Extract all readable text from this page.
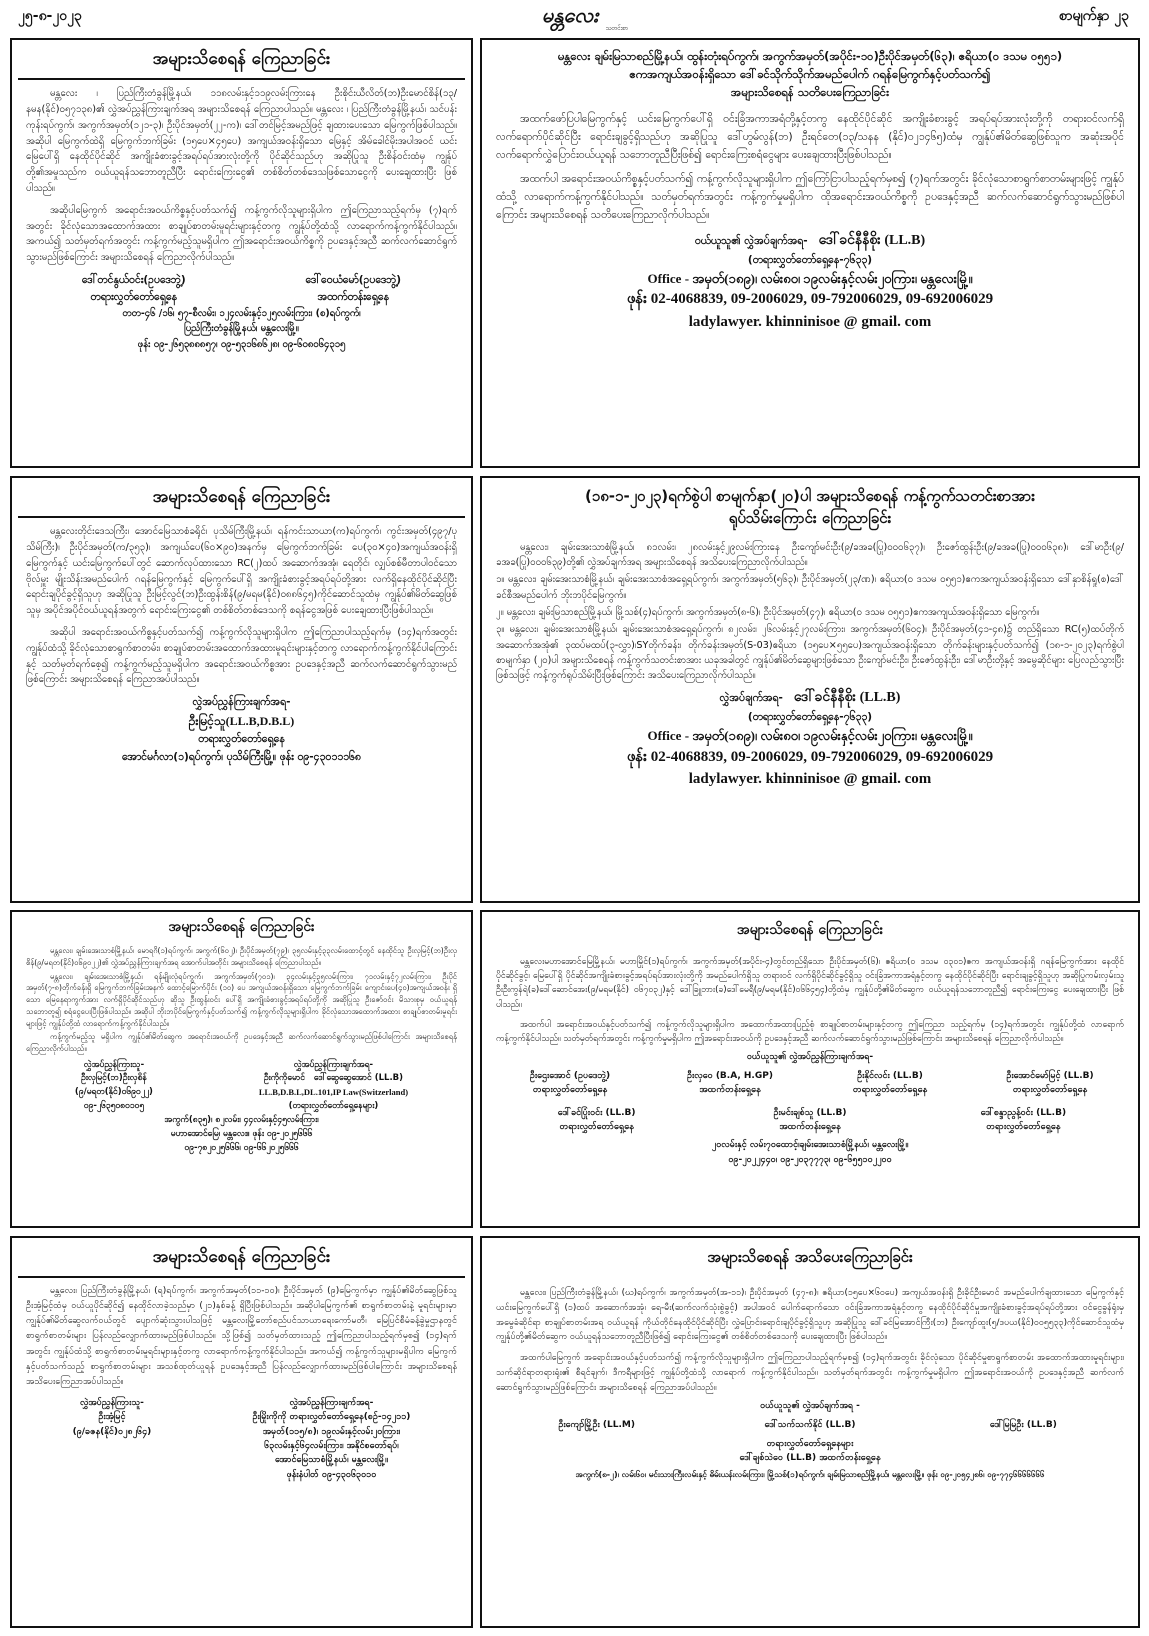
၂၅-၈-၂၀၂၃	မန္တလေး
သတင်းစာ
စာမျက်နှာ ၂၃
အများသိစေရန် ကြေညာခြင်း

မန္တလေး ၊ ပြည်ကြီးတံခွန်မြို့နယ်၊ ၁၁၈လမ်းနှင့်၁၁၉လမ်းကြားနေ ဦးစိုင်းယီလိတ်(ဘ)ဦးမောင်စိန်(၁၃/နမန(နိုင်)၀၅၇၁၃၈)၏ လွှဲအပ်ညွှန်ကြားချက်အရ အများသိစေရန် ကြေညာပါသည်။ မန္တလေး ၊ ပြည်ကြီးတံခွန်မြို့နယ်၊ သင်ပန်းကုန်းရပ်ကွက်၊ အကွက်အမှတ်(၁၂၁-၃)၊ ဦးပိုင်အမှတ်(၂၂-က)၊ ဒေါ်တင်မြင့်အမည်ဖြင့် ချထားပေးသော မြေကွက်ဖြစ်ပါသည်။ အဆိုပါ မြေကွက်ထဲရှိ မြေကွက်ဘက်ခြမ်း (၁၅ပေ×၄၅ပေ) အကျယ်အဝန်းရှိသော မြေနှင့် အိမ်ခေါင်မိုးအပါအဝင် ယင်းမြေပေါ်ရှိ နေထိုင်ပိုင်ဆိုင် အကျိုးခံစားခွင့်အရပ်ရပ်အားလုံးတို့ကို ပိုင်ဆိုင်သည်ဟု အဆိုပြုသူ ဦးစိန်ဝင်းထံမှ ကျွန်ုပ်တို့၏အမှုသည်က ဝယ်ယူရန်သဘောတူညီပြီး ရောင်းကြေးငွေ၏ တစ်စိတ်တစ်ဒေသဖြစ်သောငွေကို ပေးချေထားပြီး ဖြစ်ပါသည်။

အဆိုပါမြေကွက် အရောင်းအဝယ်ကိစ္စနှင့်ပတ်သက်၍ ကန့်ကွက်လိုသူများရှိပါက ဤကြေညာသည့်ရက်မှ (၇)ရက်အတွင်း ခိုင်လုံသောအထောက်အထား စာချုပ်စာတမ်းမူရင်းများနှင့်တကွ ကျွန်ုပ်တို့ထံသို့ လာရောက်ကန့်ကွက်နိုင်ပါသည်။ အကယ်၍ သတ်မှတ်ရက်အတွင်း ကန့်ကွက်မည့်သူမရှိပါက ဤအရောင်းအဝယ်ကိစ္စကို ဥပဒေနှင့်အညီ ဆက်လက်ဆောင်ရွက်သွားမည်ဖြစ်ကြောင်း အများသိစေရန် ကြေညာလိုက်ပါသည်။

ဒေါ်တင်နွယ်ဝင်း(ဥပဒေဘွဲ့)
တရားလွှတ်တော်ရှေ့နေ
ဒေါ်ဝေယံမော်(ဥပဒေဘွဲ့)
အထက်တန်းရှေ့နေ
တတ-၄၆ /၁၆၊ ၅၇-စီလမ်း၊ ၁၂၄လမ်းနှင့်၁၂၅လမ်းကြား၊ (စ)ရပ်ကွက်၊
ပြည်ကြီးတံခွန်မြို့နယ်၊ မန္တလေးမြို့။
ဖုန်း ၀၉-၂၆၅၃၈၈၈၅၇၊ ၀၉-၅၃၁၆၈၆၂၈၊ ၀၉-၆၀၈၀၆၄၃၁၅
မန္တလေး ချမ်းမြသာစည်မြို့နယ်၊ ထွန်းတုံးရပ်ကွက်၊ အကွက်အမှတ်(အပိုင်း-၁၀)ဦးပိုင်အမှတ်(၆၃)၊ ဧရိယာ(၀ ဒသမ ၀၅၅၁)
ဧကအကျယ်အဝန်းရှိသော ဒေါ်ခင်သိုက်သိုက်အမည်ပေါက် ဂရန်မြေကွက်နှင့်ပတ်သက်၍
အများသိစေရန် သတိပေးကြေညာခြင်း

အထက်ဖော်ပြပါမြေကွက်နှင့် ယင်းမြေကွက်ပေါ်ရှိ ဝင်းခြံအကာအရံတို့နှင့်တကွ နေထိုင်ပိုင်ဆိုင် အကျိုးခံစားခွင့် အရပ်ရပ်အားလုံးတို့ကို တရားဝင်လက်ရှိလက်ရောက်ပိုင်ဆိုင်ပြီး ရောင်းချခွင့်ရှိသည်ဟု အဆိုပြုသူ ဒေါ်ဟွမ်လွန်(ဘ) ဦးရင်တေ(၁၃/သနန (နိုင်)၀၂၁၄၆၅)ထံမှ ကျွန်ုပ်၏မိတ်ဆွေဖြစ်သူက အဆုံးအပိုင်လက်ရောက်လွှဲပြောင်းဝယ်ယူရန် သဘောတူညီပြီးဖြစ်၍ ရောင်းကြေးစရံငွေများ ပေးချေထားပြီးဖြစ်ပါသည်။

အထက်ပါ အရောင်းအဝယ်ကိစ္စနှင့်ပတ်သက်၍ ကန့်ကွက်လိုသူများရှိပါက ဤကြော်ငြာပါသည့်ရက်မှစ၍ (၇)ရက်အတွင်း ခိုင်လုံသောစာရွက်စာတမ်းများဖြင့် ကျွန်ုပ်ထံသို့ လာရောက်ကန့်ကွက်နိုင်ပါသည်။ သတ်မှတ်ရက်အတွင်း ကန့်ကွက်မှုမရှိပါက ထိုအရောင်းအဝယ်ကိစ္စကို ဥပဒေနှင့်အညီ ဆက်လက်ဆောင်ရွက်သွားမည်ဖြစ်ပါကြောင်း အများသိစေရန် သတိပေးကြေညာလိုက်ပါသည်။

ဝယ်ယူသူ၏ လွှဲအပ်ချက်အရ- ဒေါ်ခင်နီနီစိုး (LL.B)
(တရားလွှတ်တော်ရှေ့နေ-၇၆၃၃)
Office - အမှတ်(၁၈၉)၊ လမ်း၈၀၊ ၁၉လမ်းနှင့်လမ်း၂၀ကြား၊ မန္တလေးမြို့။
ဖုန်း 02-4068839, 09-2006029, 09-792006029, 09-692006029
ladylawyer. khinninisoe @ gmail. com
အများသိစေရန် ကြေညာခြင်း

မန္တလေးတိုင်းဒေသကြီး၊ အောင်မြေသာစံခရိုင်၊ ပုသိမ်ကြီးမြို့နယ်၊ ရန်ကင်းသာယာ(က)ရပ်ကွက်၊ ကွင်းအမှတ်(၄၉၇/ပုသိမ်ကြီး)၊ ဦးပိုင်အမှတ်(က/၃၅၃)၊ အကျယ်ပေ(၆၀×၉၀)အနက်မှ မြေကွက်ဘက်ခြမ်း ပေ(၃၀×၄၀)အကျယ်အဝန်းရှိ မြေကွက်နှင့် ယင်းမြေကွက်ပေါ်တွင် ဆောက်လုပ်ထားသော RC(၂)ထပ် အဆောက်အအုံ၊ ရေတိုင်၊ လျှပ်စစ်မီတာပါဝင်သော ဗိုလ်မှူး မျိုးသိန်းအမည်ပေါက် ဂရန်မြေကွက်နှင့် မြေကွက်ပေါ်ရှိ အကျိုးခံစားခွင့်အရပ်ရပ်တို့အား လက်ရှိနေထိုင်ပိုင်ဆိုင်ပြီး ရောင်းချပိုင်ခွင့်ရှိသူဟု အဆိုပြုသူ ဦးမြင့်လွင်(ဘ)ဦးထွန်းစိန်(၉/မရမ(နိုင်)၀၈၈၆၄၅)ကိုင်ဆောင်သူထံမှ ကျွန်ုပ်၏မိတ်ဆွေဖြစ်သူမှ အပိုင်အပိုင်ဝယ်ယူရန်အတွက် ရောင်းကြေးငွေ၏ တစ်စိတ်တစ်ဒေသကို စရန်ငွေအဖြစ် ပေးချေထားပြီးဖြစ်ပါသည်။

အဆိုပါ အရောင်းအဝယ်ကိစ္စနှင့်ပတ်သက်၍ ကန့်ကွက်လိုသူများရှိပါက ဤကြေညာပါသည့်ရက်မှ (၁၄)ရက်အတွင်း ကျွန်ုပ်ထံသို့ ခိုင်လုံသောစာရွက်စာတမ်း၊ စာချုပ်စာတမ်းအထောက်အထားမူရင်းများနှင့်တကွ လာရောက်ကန့်ကွက်နိုင်ပါကြောင်းနှင့် သတ်မှတ်ရက်စေ့၍ ကန့်ကွက်မည့်သူမရှိပါက အရောင်းအဝယ်ကိစ္စအား ဥပဒေနှင့်အညီ ဆက်လက်ဆောင်ရွက်သွားမည်ဖြစ်ကြောင်း အများသိစေရန် ကြေညာအပ်ပါသည်။

လွှဲအပ်ညွှန်ကြားချက်အရ-
ဦးမြင့်သူ(LL.B,D.B.L)
တရားလွှတ်တော်ရှေ့နေ
အောင်မင်္ဂလာ(၁)ရပ်ကွက်၊ ပုသိမ်ကြီးမြို့။ ဖုန်း ၀၉-၄၃၀၁၁၁၆၈
(၁၈-၁-၂၀၂၃)ရက်စွဲပါ စာမျက်နှာ(၂၀)ပါ အများသိစေရန် ကန့်ကွက်သတင်းစာအား
ရုပ်သိမ်းကြောင်း ကြေညာခြင်း

မန္တလေး၊ ချမ်းအေးသာစံမြို့နယ်၊ ၈၁လမ်း၊ ၂၈လမ်းနှင့်၂၉လမ်းကြားနေ ဦးကျော်မင်းဦး(၉/ခအခ(ပြု)၀၀၀၆၃၇)၊ ဦးဇော်ထွန်းဦး(၉/ခအခ(ပြု)၀၀၀၆၃၈)၊ ဒေါ်မာဦး(၉/ခအခ(ပြု)၀၀၀၆၃၉)တို့၏ လွှဲအပ်ချက်အရ အများသိစေရန် အသိပေးကြေညာလိုက်ပါသည်။

၁။ မန္တလေး၊ ချမ်းအေးသာစံမြို့နယ်၊ ချမ်းအေးသာစံအရှေ့ရပ်ကွက်၊ အကွက်အမှတ်(၅၆၃)၊ ဦးပိုင်အမှတ်(၂၃/ဏ)၊ ဧရိယာ(၀ ဒသမ ၀၅၅၁)ဧကအကျယ်အဝန်းရှိသော ဒေါ်နှာစိန်ရှု(စ)ဒေါ်ခင်စီအမည်ပေါက် ဘိုးဘပိုင်မြေကွက်။

၂။ မန္တလေး၊ ချမ်းမြသာစည်မြို့နယ်၊ မြို့သစ်(၄)ရပ်ကွက်၊ အကွက်အမှတ်(၈-၆)၊ ဦးပိုင်အမှတ်(၄၇)၊ ဧရိယာ(၀ ဒသမ ၀၅၅၁)ဧကအကျယ်အဝန်းရှိသော မြေကွက်။

၃။ မန္တလေး၊ ချမ်းအေးသာစံမြို့နယ်၊ ချမ်းအေးသာစံအရှေ့ရပ်ကွက်၊ ၈၂လမ်း၊ ၂၆လမ်းနှင့်၂၇လမ်းကြား၊ အကွက်အမှတ်(၆၀၄)၊ ဦးပိုင်အမှတ်(၄၁-၄၈)၌ တည်ရှိသော RC(၅)ထပ်တိုက် အဆောက်အအုံ၏ ၃ထပ်မထပ်(၃-လွှာ)၊SYတိုက်ခန်း၊ တိုက်ခန်းအမှတ်(S-03)ဧရိယာ (၁၅ပေ×၅၅ပေ)အကျယ်အဝန်းရှိသော တိုက်ခန်းများနှင့်ပတ်သက်၍ (၁၈-၁-၂၀၂၃)ရက်စွဲပါ စာမျက်နှာ (၂၀)ပါ အများသိစေရန် ကန့်ကွက်သတင်းစာအား ယခုအခါတွင် ကျွန်ုပ်၏မိတ်ဆွေများဖြစ်သော ဦးကျော်မင်းဦး၊ ဦးဇော်ထွန်းဦး၊ ဒေါ်မာဦးတို့နှင့် အမွေဆိုင်များ ပြေလည်သွားပြီးဖြစ်သဖြင့် ကန့်ကွက်ရုပ်သိမ်းပြီးဖြစ်ကြောင်း အသိပေးကြေညာလိုက်ပါသည်။

လွှဲအပ်ချက်အရ- ဒေါ်ခင်နီနီစိုး (LL.B)
(တရားလွှတ်တော်ရှေ့နေ-၇၆၃၃)
Office - အမှတ်(၁၈၉)၊ လမ်း၈၀၊ ၁၉လမ်းနှင့်လမ်း၂၀ကြား၊ မန္တလေးမြို့။
ဖုန်း 02-4068839, 09-2006029, 09-792006029, 09-692006029
ladylawyer. khinninisoe @ gmail. com
အများသိစေရန် ကြေညာခြင်း

မန္တလေး၊ ချမ်းအေးသာစံမြို့နယ်၊ မောရဂိ(၁)ရပ်ကွက်၊ အကွက်(၆၀၂)၊ ဦးပိုင်အမှတ်(၇၉)၊ ၃၅လမ်းနှင့်၃၃လမ်းထောင့်တွင် နေထိုင်သူ ဦးလှမြင့်(ဘ)ဦးလှစိန်(၉/မရတ(နိုင်)၀၆၉၀၂၂)၏ လွှဲအပ်ညွှန်ကြားချက်အရ အောက်ပါအတိုင်း အများသိစေရန် ကြေညာပါသည်။

မန္တလေး၊ ချမ်းအေးသာစံမြို့နယ်၊ ရန်မျိုးလုံရပ်ကွက်၊ အကွက်အမှတ်(၇၀၁)၊ ၃၄လမ်းနှင့်၃၅လမ်းကြား၊ ၇၁လမ်းနှင့်၇၂လမ်းကြား၊ ဦးပိုင်အမှတ်(၇-၈)တိုက်ခန်းရှိ မြေကွက်ဘက်ခြမ်းအနက် ထောင့်မြောက်ပိုင်း (၁၀) ပေ အကျယ်အဝန်းရှိသော မြေကွက်ဘက်ခြမ်း ကျောင်းပေ(၄၀)အကျယ်အဝန်း ရှိသော မြေနေရာကွက်အား လက်ရှိပိုင်ဆိုင်သည်ဟု ဆိုသူ ဦးထွန်းဝင်း ပေါ်ရှိ အကျိုးခံစားခွင့်အရပ်ရပ်တို့ကို အဆိုပြုသူ ဦးဇော်ဝင်း မိသားစုမှ ဝယ်ယူရန်သဘောတူ၍ စရံငွေပေးပြီးဖြစ်ပါသည်။ အဆိုပါ ဘိုးဘပိုင်မြေကွက်နှင့်ပတ်သက်၍ ကန့်ကွက်လိုသူများရှိပါက ခိုင်လုံသောအထောက်အထား စာချုပ်စာတမ်းမူရင်းများဖြင့် ကျွန်ုပ်တို့ထံ လာရောက်ကန့်ကွက်နိုင်ပါသည်။

ကန့်ကွက်မည့်သူ မရှိပါက ကျွန်ုပ်၏မိတ်ဆွေက အရောင်းအဝယ်ကို ဥပဒေနှင့်အညီ ဆက်လက်ဆောင်ရွက်သွားမည်ဖြစ်ပါကြောင်း အများသိစေရန် ကြေညာလိုက်ပါသည်။

လွှဲအပ်ညွှန်ကြားသူ-
ဦးလှမြင့်(ဘ)ဦးလှစိန်
(၉/မရတ(နိုင်)၀၆၉၀၂၂)
၀၉-၂၆၃၅၀၈၀၁၀၅
လွှဲအပ်ညွှန်ကြားချက်အရ-
ဦးကိုကိုမောင် ဒေါ်ဆွေဆွေအောင် (LL.B)
LL.B,D.B.L,DL.101,IP Law(Switzerland)
(တရားလွှတ်တော်ရှေ့နေများ)
အကွက်(၈၃၅)၊ ၈၂လမ်း၊ ၄၄လမ်းနှင့်၄၅လမ်းကြား၊
မဟာအောင်မြေ၊ မန္တလေး။ ဖုန်း ၀၉-၂၀၂၅၆၆၆
၀၉-၇၈၂၀၂၅၆၆၆၊ ၀၉-၆၆၂၀၂၅၆၆၆
အများသိစေရန် ကြေညာခြင်း

မန္တလေးမဟာအောင်မြေမြို့နယ်၊ မဟာမြိုင်(၁)ရပ်ကွက်၊ အကွက်အမှတ်(အပိုင်း-၄)တွင်တည်ရှိသော ဦးပိုင်အမှတ်(၆)၊ ဧရိယာ(၀ ဒသမ ၀၃၀၁)ဧက အကျယ်အဝန်းရှိ ဂရန်မြေကွက်အား နေထိုင်ပိုင်ဆိုင်ခွင့်၊ မြေပေါ်ရှိ ပိုင်ဆိုင်အကျိုးခံစားခွင့်အရပ်ရပ်အားလုံးတို့ကို အမည်ပေါက်ရှိသူ တရားဝင် လက်ရှိပိုင်ဆိုင်ခွင့်ရှိသူ ဝင်းခြံအကာအရံနှင့်တကွ နေထိုင်ပိုင်ဆိုင်ပြီး ရောင်းချခွင့်ရှိသူဟု အဆိုပြုကမ်းလှမ်းသူ ဦးဦးကွန်ရဲ(ခ)ဒေါ်ဆောင်အေး(၉/မရမ(နိုင်) ၀၆၇၀၃၂)နှင့် ဒေါ်ခြူဘား(ခ)ဒေါ်မေရီ(၉/မရမ(နိုင်)၀၆၆၄၅၄)တို့ထံမှ ကျွန်ုပ်တို့၏မိတ်ဆွေက ဝယ်ယူရန်သဘောတူညီ၍ ရောင်းကြေးငွေ ပေးချေထားပြီး ဖြစ်ပါသည်။

အထက်ပါ အရောင်းအဝယ်နှင့်ပတ်သက်၍ ကန့်ကွက်လိုသူများရှိပါက အထောက်အထားပြည့်စုံ စာချုပ်စာတမ်းများနှင့်တကွ ဤကြေညာ သည့်ရက်မှ (၁၄)ရက်အတွင်း ကျွန်ုပ်တို့ထံ လာရောက်ကန့်ကွက်နိုင်ပါသည်။ သတ်မှတ်ရက်အတွင်း ကန့်ကွက်မှုမရှိပါက ဤအရောင်းအဝယ်ကို ဥပဒေနှင့်အညီ ဆက်လက်ဆောင်ရွက်သွားမည်ဖြစ်ကြောင်း အများသိစေရန် ကြေညာလိုက်ပါသည်။

ဝယ်ယူသူ၏ လွှဲအပ်ညွှန်ကြားချက်အရ-
ဦးဌေးအောင် (ဥပဒေဘွဲ့)
တရားလွှတ်တော်ရှေ့နေ
ဦးလှဝေ (B.A, H.GP)
အထက်တန်းရှေ့နေ
ဦးနိုင်လင်း (LL.B)
တရားလွှတ်တော်ရှေ့နေ
ဦးအောင်မော်မြင့် (LL.B)
တရားလွှတ်တော်ရှေ့နေ
ဒေါ်ခင်ပြုံးဝင်း (LL.B)
တရားလွှတ်တော်ရှေ့နေ
ဦးမင်းချစ်သူ (LL.B)
အထက်တန်းရှေ့နေ
ဒေါ်စန္ဒာညွန့်ဝင်း (LL.B)
တရားလွှတ်တော်ရှေ့နေ
၂၀လမ်းနှင့် လမ်း၇၀ထောင့်၊ချမ်းအေးသာစံမြို့နယ်၊ မန္တလေးမြို့။
၀၉-၂၀၂၂၄၄၀၊ ၀၉-၂၀၃၇၇၇၃၊ ၀၉-၆၅၅၁၀၂၂၀၀
အများသိစေရန် ကြေညာခြင်း

မန္တလေး၊ ပြည်ကြီးတံခွန်မြို့နယ်၊ (ရ)ရပ်ကွက်၊ အကွက်အမှတ်(၁၁-၁၀)၊ ဦးပိုင်အမှတ် (၉)မြေကွက်မှာ ကျွန်ုပ်၏မိတ်ဆွေဖြစ်သူ ဦးအံ့မြင့်ထံမှ ဝယ်ယူပိုင်ဆိုင်၍ နေထိုင်လာခဲ့သည်မှာ (၂၁)နှစ်ခန့် ရှိပြီးဖြစ်ပါသည်။ အဆိုပါမြေကွက်၏ စာရွက်စာတမ်းနဲ့ မူရင်းများမှာ ကျွန်ုပ်၏မိတ်ဆွေလက်ဝယ်တွင် ပျောက်ဆုံးသွားပါသဖြင့် မန္တလေးမြို့တော်စည်ပင်သာယာရေးကော်မတီ၊ မြေပြင်စီမံခန့်ခွဲမှုဌာနတွင် စာရွက်စာတမ်းများ ပြန်လည်လျှောက်ထားမည်ဖြစ်ပါသည်။ သို့ဖြစ်၍ သတ်မှတ်ထားသည့် ဤကြေညာပါသည့်ရက်မှစ၍ (၁၄)ရက်အတွင်း ကျွန်ုပ်ထံသို့ စာရွက်စာတမ်းမူရင်းများနှင့်တကွ လာရောက်ကန့်ကွက်နိုင်ပါသည်။ အကယ်၍ ကန့်ကွက်သူများမရှိပါက မြေကွက်နှင့်ပတ်သက်သည့် စာရွက်စာတမ်းများ အသစ်ထုတ်ယူရန် ဥပဒေနှင့်အညီ ပြန်လည်လျှောက်ထားမည်ဖြစ်ပါကြောင်း အများသိစေရန် အသိပေးကြေညာအပ်ပါသည်။

လွှဲအပ်ညွှန်ကြားသူ-
ဦးအံ့မြင့်
(၉/ခဇန(နိုင်)၀၂၈၂၆၄)
လွှဲအပ်ညွှန်ကြားချက်အရ-
ဦးမြိုးကိုကို တရားလွှတ်တော်ရှေ့နေ(စဉ်-၁၄၂၁၁)
အမှတ်(၁၁၅/၈)၊ ၁၉လမ်းနှင့်လမ်း၂၀ကြား၊
၆၃လမ်းနှင့်၆၄လမ်းကြား၊ အနိုင်စတော်ရပ်၊
အောင်မြေသာစံမြို့နယ်၊ မန္တလေးမြို့။
ဖုန်းနံပါတ် ၀၉-၄၃၀၆၃၀၁၀
အများသိစေရန် အသိပေးကြေညာခြင်း

မန္တလေး၊ ပြည်ကြီးတံခွန်မြို့နယ်၊ (ဃ)ရပ်ကွက်၊ အကွက်အမှတ်(အ-၁၁)၊ ဦးပိုင်အမှတ် (၄၇-၈)၊ ဧရိယာ(၁၅ပေ×၆၀ပေ) အကျယ်အဝန်းရှိ ဦးခိုင်ဦးမောင် အမည်ပေါက်ချထားသော မြေကွက်နှင့် ယင်းမြေကွက်ပေါ်ရှိ (၁)ထပ် အဆောက်အအုံ၊ ရေ-မီး(ဆက်လက်သုံးစွဲခွင့်) အပါအဝင် ပေါက်ရောက်သော ဝင်းခြံအကာအရံနှင့်တကွ နေထိုင်ပိုင်ဆိုင်မှုအကျိုးခံစားခွင့်အရပ်ရပ်တို့အား ဝင်ငွေခွန်ရုံးမှ အမွေခံဆိုင်ရာ စာချုပ်စာတမ်းအရ ဝယ်ယူရန် ကိုယ်တိုင်နေထိုင်ပိုင်ဆိုင်ပြီး လွှဲပြောင်းရောင်းချပိုင်ခွင့်ရှိသူဟု အဆိုပြုသူ ဒေါ်ခင်မြအောင်ကြီး(ဘ) ဦးကျော်ထူး(၅/ဒပယ(နိုင်)၀၀၅၅၃၃)ကိုင်ဆောင်သူထံမှ ကျွန်ုပ်တို့၏မိတ်ဆွေက ဝယ်ယူရန်သဘောတူညီပြီးဖြစ်၍ ရောင်းကြေးငွေ၏ တစ်စိတ်တစ်ဒေသကို ပေးချေထားပြီး ဖြစ်ပါသည်။

အထက်ပါမြေကွက် အရောင်းအဝယ်နှင့်ပတ်သက်၍ ကန့်ကွက်လိုသူများရှိပါက ဤကြေညာပါသည့်ရက်မှစ၍ (၁၄)ရက်အတွင်း ခိုင်လုံသော ပိုင်ဆိုင်မှုစာရွက်စာတမ်း အထောက်အထားမူရင်းများ၊ သက်ဆိုင်ရာတရားရုံး၏ စီရင်ချက်၊ ဒီကရီများဖြင့် ကျွန်ုပ်တို့ထံသို့ လာရောက် ကန့်ကွက်နိုင်ပါသည်။ သတ်မှတ်ရက်အတွင်း ကန့်ကွက်မှုမရှိပါက ဤအရောင်းအဝယ်ကို ဥပဒေနှင့်အညီ ဆက်လက်ဆောင်ရွက်သွားမည်ဖြစ်ကြောင်း အများသိစေရန် ကြေညာအပ်ပါသည်။

ဝယ်ယူသူ၏ လွှဲအပ်ချက်အရ -
ဦးကျော်မြို့ဦး (LL.M)	ဒေါ်သက်သက်နိုင် (LL.B)	ဒေါ်မြမြဦး (LL.B)
တရားလွှတ်တော်ရှေ့နေများ
ဒေါ်ချစ်သဲဝေ (LL.B) အထက်တန်းရှေ့နေ
အကွက်(၈-၂)၊ လမ်း၆၀၊ မင်းသားကြီးလမ်းနှင့် ဓိမ်းယန်းလမ်းကြား၊ မြို့သစ်(၁)ရပ်ကွက်၊ ချမ်းမြသာစည်မြို့နယ်၊ မန္တလေးမြို့။ ဖုန်း ၀၉-၂၀၅၄၂၈၆၊ ၀၉-၇၇၄၆၆၆၆၆၆၆
